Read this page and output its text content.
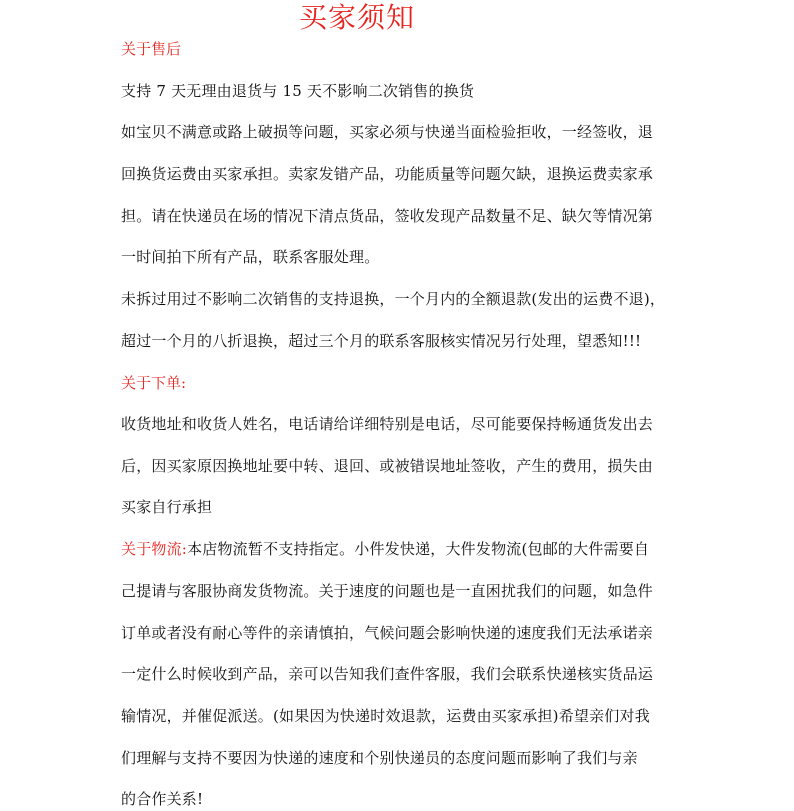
买家须知
关于售后
支持 7 天无理由退货与 15 天不影响二次销售的换货
如宝贝不满意或路上破损等问题，买家必须与快递当面检验拒收，一经签收，退
回换货运费由买家承担。卖家发错产品，功能质量等问题欠缺，退换运费卖家承
担。请在快递员在场的情况下清点货品，签收发现产品数量不足、缺欠等情况第
一时间拍下所有产品，联系客服处理。
未拆过用过不影响二次销售的支持退换，一个月内的全额退款(发出的运费不退)，
超过一个月的八折退换，超过三个月的联系客服核实情况另行处理，望悉知!!!
关于下单:
收货地址和收货人姓名，电话请给详细特别是电话，尽可能要保持畅通货发出去
后，因买家原因换地址要中转、退回、或被错误地址签收，产生的费用，损失由
买家自行承担
关于物流:本店物流暂不支持指定。小件发快递，大件发物流(包邮的大件需要自
己提请与客服协商发货物流。关于速度的问题也是一直困扰我们的问题，如急件
订单或者没有耐心等件的亲请慎拍，气候问题会影响快递的速度我们无法承诺亲
一定什么时候收到产品，亲可以告知我们查件客服，我们会联系快递核实货品运
输情况，并催促派送。(如果因为快递时效退款，运费由买家承担)希望亲们对我
们理解与支持不要因为快递的速度和个别快递员的态度问题而影响了我们与亲
的合作关系!
